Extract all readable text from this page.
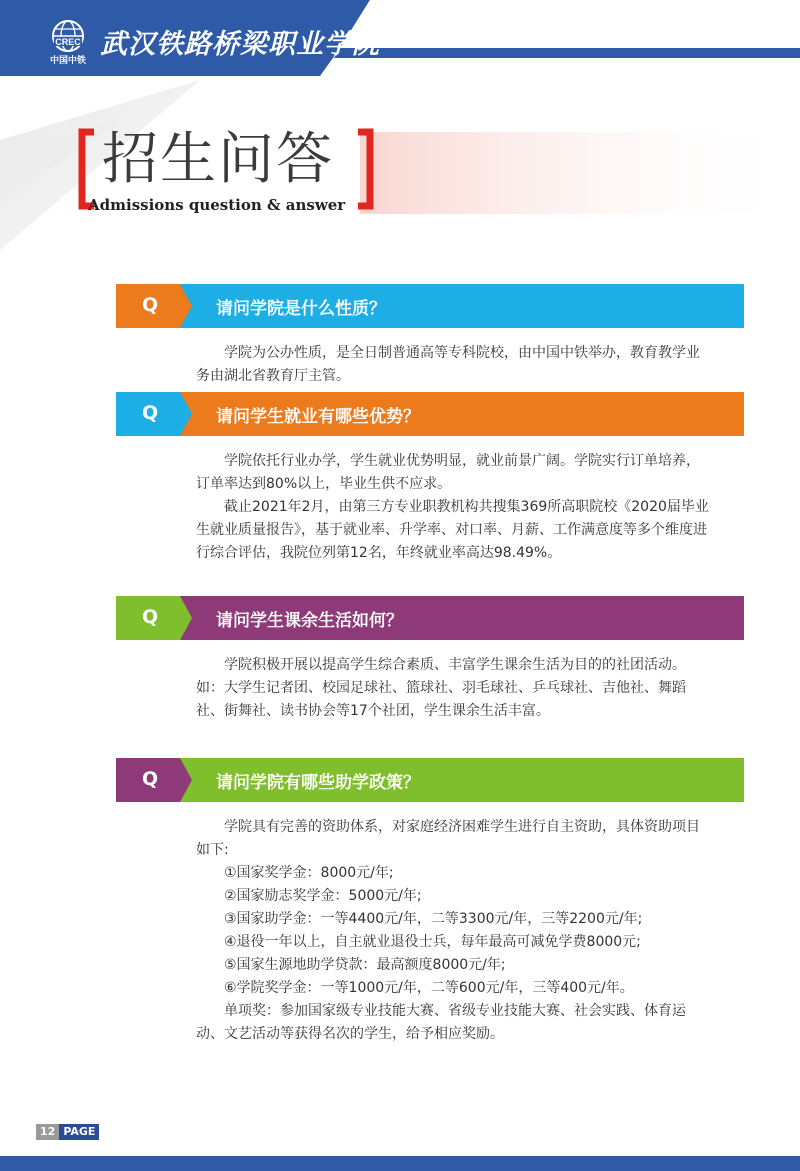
CREC
中国中铁
武汉铁路桥梁职业学院
招生问答
Admissions question & answer
Q	请问学院是什么性质？

学院为公办性质，是全日制普通高等专科院校，由中国中铁举办，教育教学业务由湖北省教育厅主管。

Q	请问学生就业有哪些优势？

学院依托行业办学，学生就业优势明显，就业前景广阔。学院实行订单培养，订单率达到80%以上，毕业生供不应求。

截止2021年2月，由第三方专业职教机构共搜集369所高职院校《2020届毕业生就业质量报告》，基于就业率、升学率、对口率、月薪、工作满意度等多个维度进行综合评估，我院位列第12名，年终就业率高达98.49%。

Q	请问学生课余生活如何？

学院积极开展以提高学生综合素质、丰富学生课余生活为目的的社团活动。如：大学生记者团、校园足球社、篮球社、羽毛球社、乒乓球社、吉他社、舞蹈社、街舞社、读书协会等17个社团，学生课余生活丰富。

Q	请问学院有哪些助学政策？

学院具有完善的资助体系，对家庭经济困难学生进行自主资助，具体资助项目如下:

①国家奖学金：8000元/年;

②国家励志奖学金：5000元/年;

③国家助学金：一等4400元/年，二等3300元/年，三等2200元/年;

④退役一年以上，自主就业退役士兵，每年最高可减免学费8000元;

⑤国家生源地助学贷款：最高额度8000元/年;

⑥学院奖学金：一等1000元/年，二等600元/年，三等400元/年。

单项奖：参加国家级专业技能大赛、省级专业技能大赛、社会实践、体育运动、文艺活动等获得名次的学生，给予相应奖励。

12 PAGE
